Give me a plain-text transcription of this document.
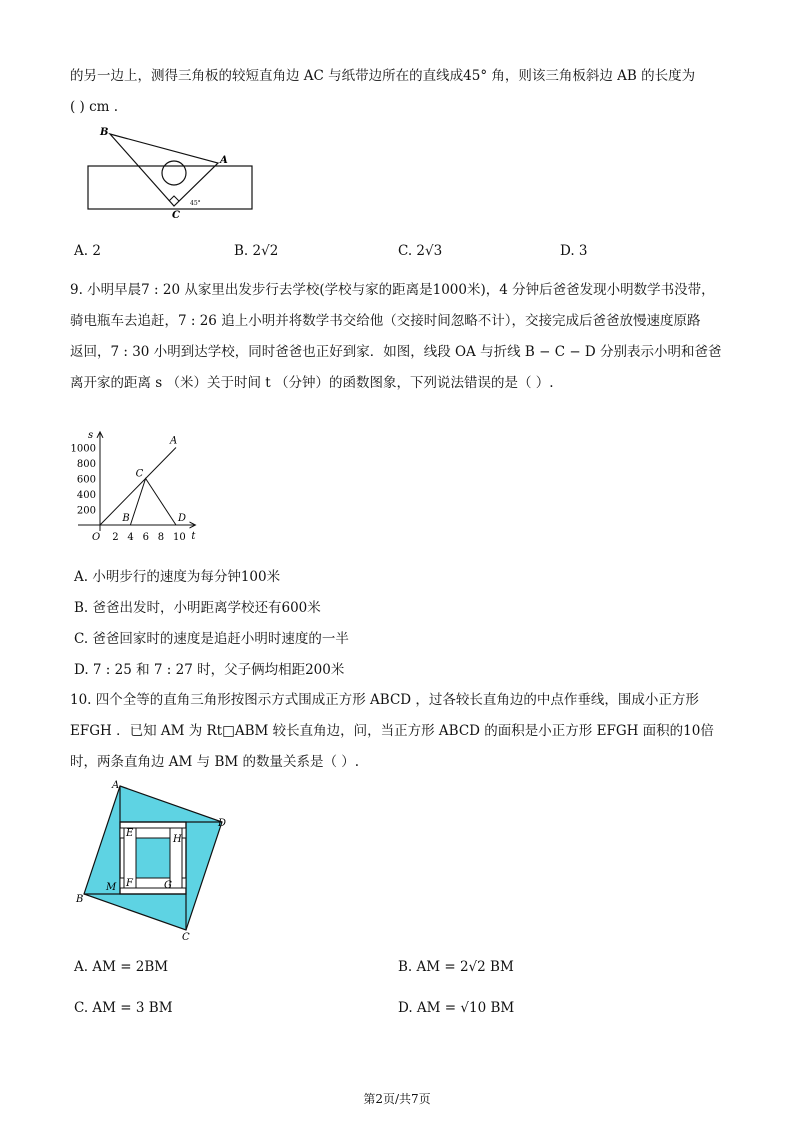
的另一边上，测得三角板的较短直角边 AC 与纸带边所在的直线成45° 角，则该三角板斜边 AB 的长度为
( ) cm .
B
A
C
45°
A. 2	B. 2√2	C. 2√3	D. 3
9. 小明早晨7 : 20 从家里出发步行去学校(学校与家的距离是1000米)，4 分钟后爸爸发现小明数学书没带，
骑电瓶车去追赶，7 : 26 追上小明并将数学书交给他（交接时间忽略不计），交接完成后爸爸放慢速度原路
返回，7 : 30 小明到达学校，同时爸爸也正好到家．如图，线段 OA 与折线 B − C − D 分别表示小明和爸爸
离开家的距离 s （米）关于时间 t （分钟）的函数图象，下列说法错误的是（ ）.
t
s
2 4 6 8 10
200
400
600
800
1000
O
B
C
D
A
A. 小明步行的速度为每分钟100米
B. 爸爸出发时，小明距离学校还有600米
C. 爸爸回家时的速度是追赶小明时速度的一半
D. 7 : 25 和 7 : 27 时，父子俩均相距200米
10. 四个全等的直角三角形按图示方式围成正方形 ABCD ，过各较长直角边的中点作垂线，围成小正方形
EFGH ．已知 AM 为 Rt□ABM 较长直角边，问，当正方形 ABCD 的面积是小正方形 EFGH 面积的10倍
时，两条直角边 AM 与 BM 的数量关系是（ ）.
A
D
B
C
E
H
F	G
M
A. AM = 2BM	B. AM = 2√2 BM
C. AM = 3 BM	D. AM = √10 BM
第2页/共7页
